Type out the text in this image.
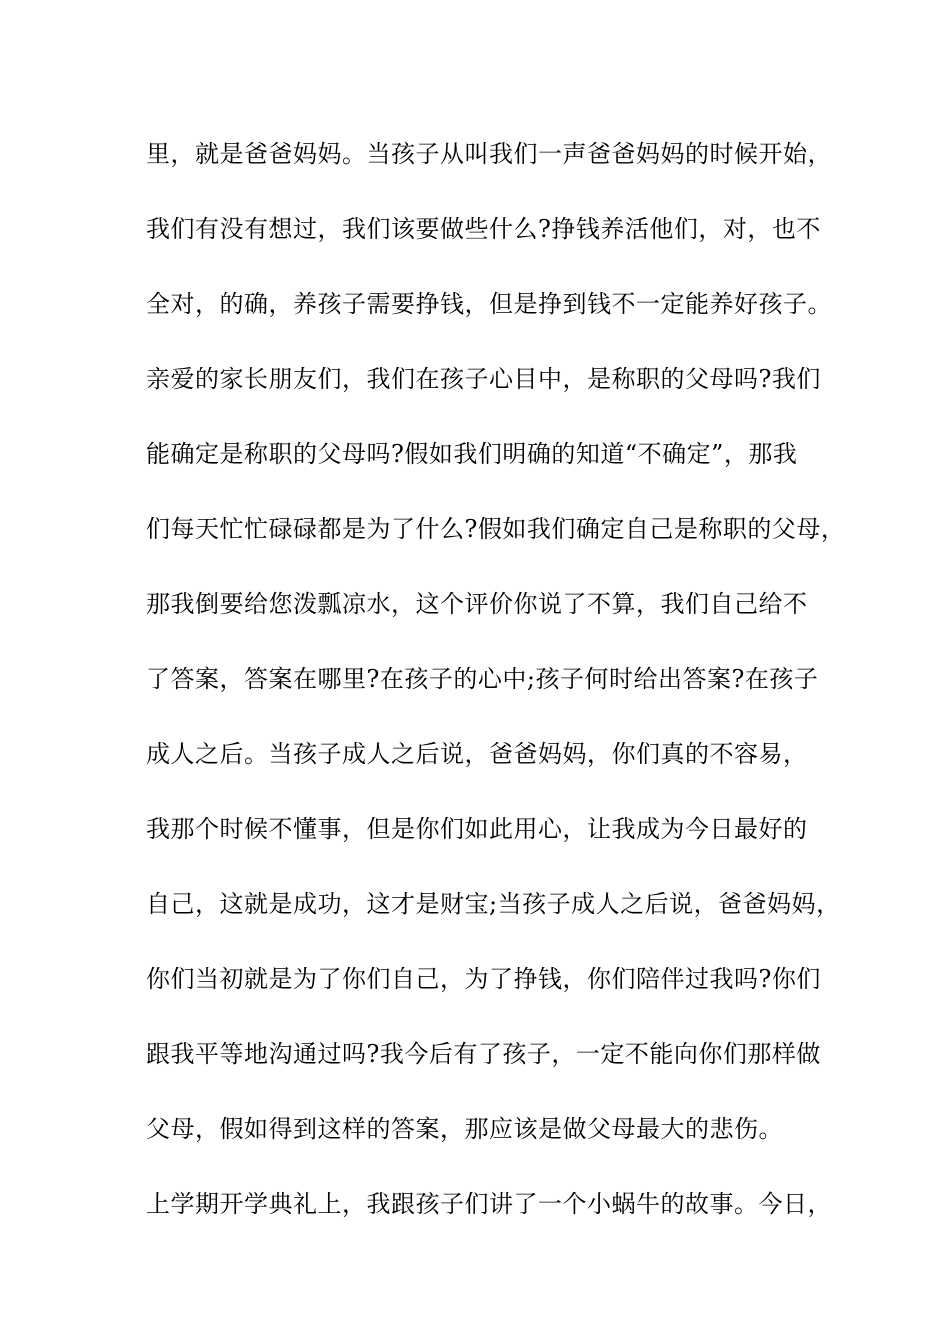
里，就是爸爸妈妈。当孩子从叫我们一声爸爸妈妈的时候开始，
我们有没有想过，我们该要做些什么?挣钱养活他们，对，也不
全对，的确，养孩子需要挣钱，但是挣到钱不一定能养好孩子。
亲爱的家长朋友们，我们在孩子心目中，是称职的父母吗?我们
能确定是称职的父母吗?假如我们明确的知道“不确定”，那我
们每天忙忙碌碌都是为了什么?假如我们确定自己是称职的父母，
那我倒要给您泼瓢凉水，这个评价你说了不算，我们自己给不
了答案，答案在哪里?在孩子的心中;孩子何时给出答案?在孩子
成人之后。当孩子成人之后说，爸爸妈妈，你们真的不容易，
我那个时候不懂事，但是你们如此用心，让我成为今日最好的
自己，这就是成功，这才是财宝;当孩子成人之后说，爸爸妈妈，
你们当初就是为了你们自己，为了挣钱，你们陪伴过我吗?你们
跟我平等地沟通过吗?我今后有了孩子，一定不能向你们那样做
父母，假如得到这样的答案，那应该是做父母最大的悲伤。
上学期开学典礼上，我跟孩子们讲了一个小蜗牛的故事。今日，
